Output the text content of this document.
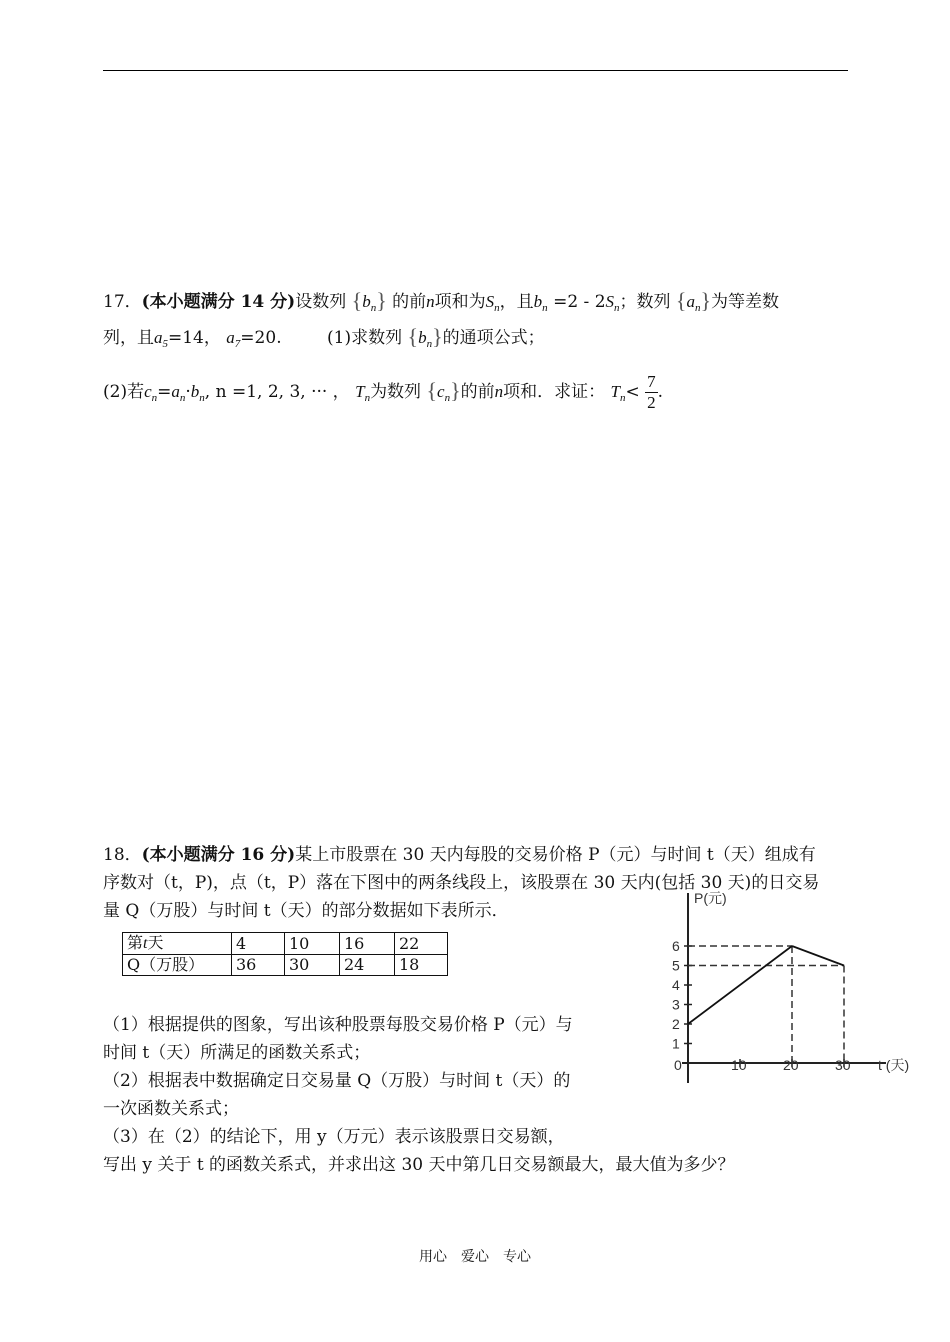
17．(本小题满分 14 分)设数列 $\{b_n\}$ 的前n项和为$S_n$，且$b_n =2 - 2S_n$；数列 $\{a_n\}$为等差数
列，且$a_5=14$， $a_7=20$.	(1)求数列 $\{b_n\}$的通项公式；
(2)若$c_n=a_n\cdot b_n$, n =1, 2, 3, ··· ， $T_n$为数列 $\{c_n\}$的前n项和．求证： $T_n< \frac{7}{2}$ .
18．(本小题满分 16 分)某上市股票在 30 天内每股的交易价格 P（元）与时间 t（天）组成有
序数对（t，P)，点（t，P）落在下图中的两条线段上，该股票在 30 天内(包括 30 天)的日交易
量 Q（万股）与时间 t（天）的部分数据如下表所示．
第t天	4	10	16	22
Q（万股）	36	30	24	18
（1）根据提供的图象，写出该种股票每股交易价格 P（元）与
时间 t（天）所满足的函数关系式；
（2）根据表中数据确定日交易量 Q（万股）与时间 t（天）的
一次函数关系式；
（3）在（2）的结论下，用 y（万元）表示该股票日交易额，
写出 y 关于 t 的函数关系式，并求出这 30 天中第几日交易额最大，最大值为多少？
P(元)
t (天)
0	10	20	30
1
2
3
4
5
6
用心　爱心　专心
